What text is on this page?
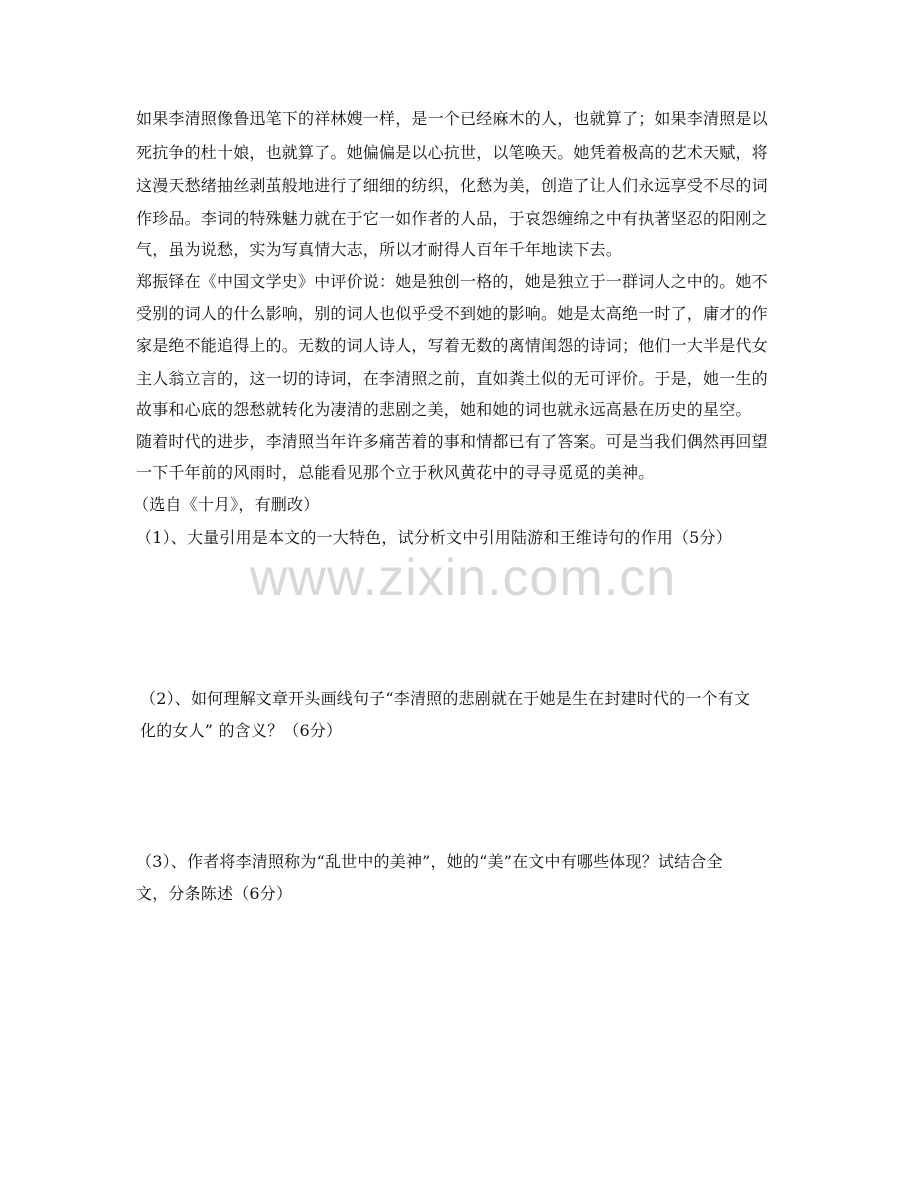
如果李清照像鲁迅笔下的祥林嫂一样，是一个已经麻木的人，也就算了；如果李清照是以
死抗争的杜十娘，也就算了。她偏偏是以心抗世，以笔唤天。她凭着极高的艺术天赋，将
这漫天愁绪抽丝剥茧般地进行了细细的纺织，化愁为美，创造了让人们永远享受不尽的词
作珍品。李词的特殊魅力就在于它一如作者的人品，于哀怨缠绵之中有执著坚忍的阳刚之
气，虽为说愁，实为写真情大志，所以才耐得人百年千年地读下去。
郑振铎在《中国文学史》中评价说：她是独创一格的，她是独立于一群词人之中的。她不
受别的词人的什么影响，别的词人也似乎受不到她的影响。她是太高绝一时了，庸才的作
家是绝不能追得上的。无数的词人诗人，写着无数的离情闺怨的诗词；他们一大半是代女
主人翁立言的，这一切的诗词，在李清照之前，直如粪土似的无可评价。于是，她一生的
故事和心底的怨愁就转化为凄清的悲剧之美，她和她的词也就永远高悬在历史的星空。
随着时代的进步，李清照当年许多痛苦着的事和情都已有了答案。可是当我们偶然再回望
一下千年前的风雨时，总能看见那个立于秋风黄花中的寻寻觅觅的美神。
（选自《十月》，有删改）
（1）、大量引用是本文的一大特色，试分析文中引用陆游和王维诗句的作用（5分）
www.zixin.com.cn
（2）、如何理解文章开头画线句子“李清照的悲剧就在于她是生在封建时代的一个有文
化的女人” 的含义？（6分）
（3）、作者将李清照称为“乱世中的美神”，她的“美”在文中有哪些体现？试结合全
文，分条陈述（6分）
